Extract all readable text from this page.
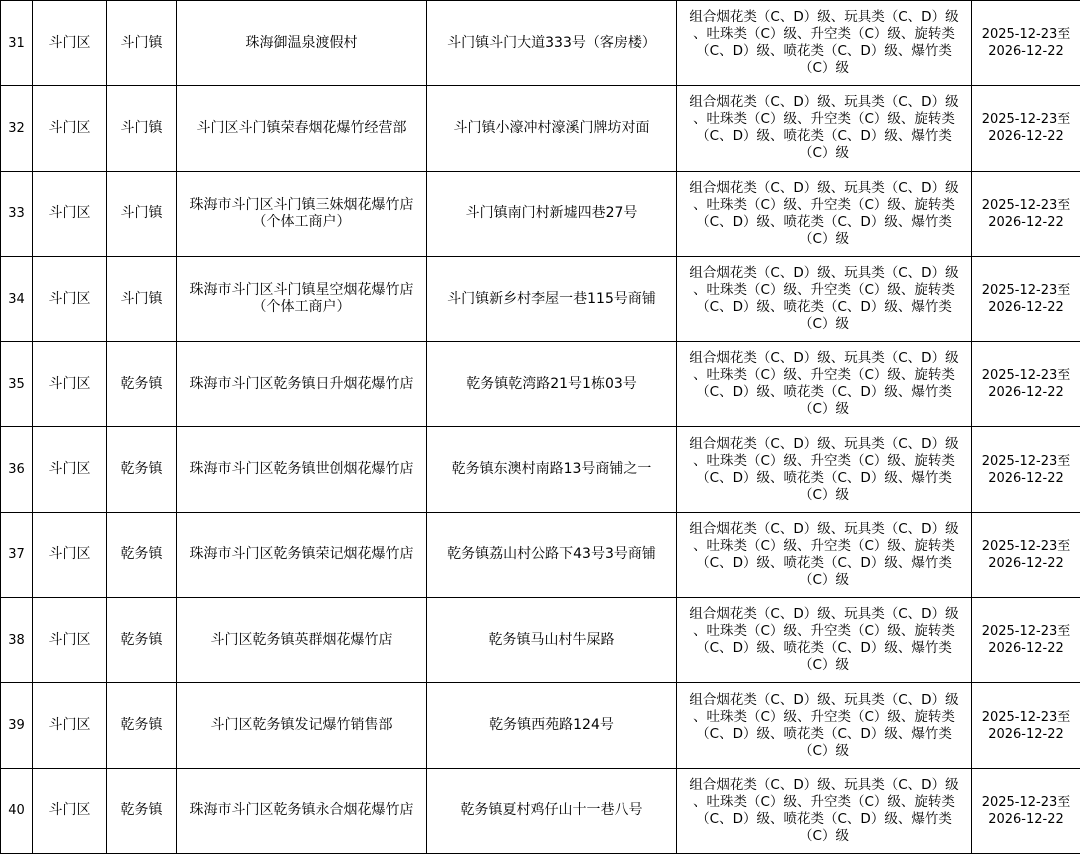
31	斗门区	斗门镇	珠海御温泉渡假村	斗门镇斗门大道333号（客房楼）	组合烟花类（C、D）级、玩具类（C、D）级
、吐珠类（C）级、升空类（C）级、旋转类
（C、D）级、喷花类（C、D）级、爆竹类
（C）级	2025-12-23至
2026-12-22

32	斗门区	斗门镇	斗门区斗门镇荣春烟花爆竹经营部	斗门镇小濠冲村濠溪门牌坊对面	组合烟花类（C、D）级、玩具类（C、D）级
、吐珠类（C）级、升空类（C）级、旋转类
（C、D）级、喷花类（C、D）级、爆竹类
（C）级	2025-12-23至
2026-12-22

33	斗门区	斗门镇	珠海市斗门区斗门镇三妹烟花爆竹店
（个体工商户）	斗门镇南门村新墟四巷27号	组合烟花类（C、D）级、玩具类（C、D）级
、吐珠类（C）级、升空类（C）级、旋转类
（C、D）级、喷花类（C、D）级、爆竹类
（C）级	2025-12-23至
2026-12-22

34	斗门区	斗门镇	珠海市斗门区斗门镇星空烟花爆竹店
（个体工商户）	斗门镇新乡村李屋一巷115号商铺	组合烟花类（C、D）级、玩具类（C、D）级
、吐珠类（C）级、升空类（C）级、旋转类
（C、D）级、喷花类（C、D）级、爆竹类
（C）级	2025-12-23至
2026-12-22

35	斗门区	乾务镇	珠海市斗门区乾务镇日升烟花爆竹店	乾务镇乾湾路21号1栋03号	组合烟花类（C、D）级、玩具类（C、D）级
、吐珠类（C）级、升空类（C）级、旋转类
（C、D）级、喷花类（C、D）级、爆竹类
（C）级	2025-12-23至
2026-12-22

36	斗门区	乾务镇	珠海市斗门区乾务镇世创烟花爆竹店	乾务镇东澳村南路13号商铺之一	组合烟花类（C、D）级、玩具类（C、D）级
、吐珠类（C）级、升空类（C）级、旋转类
（C、D）级、喷花类（C、D）级、爆竹类
（C）级	2025-12-23至
2026-12-22

37	斗门区	乾务镇	珠海市斗门区乾务镇荣记烟花爆竹店	乾务镇荔山村公路下43号3号商铺	组合烟花类（C、D）级、玩具类（C、D）级
、吐珠类（C）级、升空类（C）级、旋转类
（C、D）级、喷花类（C、D）级、爆竹类
（C）级	2025-12-23至
2026-12-22

38	斗门区	乾务镇	斗门区乾务镇英群烟花爆竹店	乾务镇马山村牛屎路	组合烟花类（C、D）级、玩具类（C、D）级
、吐珠类（C）级、升空类（C）级、旋转类
（C、D）级、喷花类（C、D）级、爆竹类
（C）级	2025-12-23至
2026-12-22

39	斗门区	乾务镇	斗门区乾务镇发记爆竹销售部	乾务镇西苑路124号	组合烟花类（C、D）级、玩具类（C、D）级
、吐珠类（C）级、升空类（C）级、旋转类
（C、D）级、喷花类（C、D）级、爆竹类
（C）级	2025-12-23至
2026-12-22

40	斗门区	乾务镇	珠海市斗门区乾务镇永合烟花爆竹店	乾务镇夏村鸡仔山十一巷八号	组合烟花类（C、D）级、玩具类（C、D）级
、吐珠类（C）级、升空类（C）级、旋转类
（C、D）级、喷花类（C、D）级、爆竹类
（C）级	2025-12-23至
2026-12-22
